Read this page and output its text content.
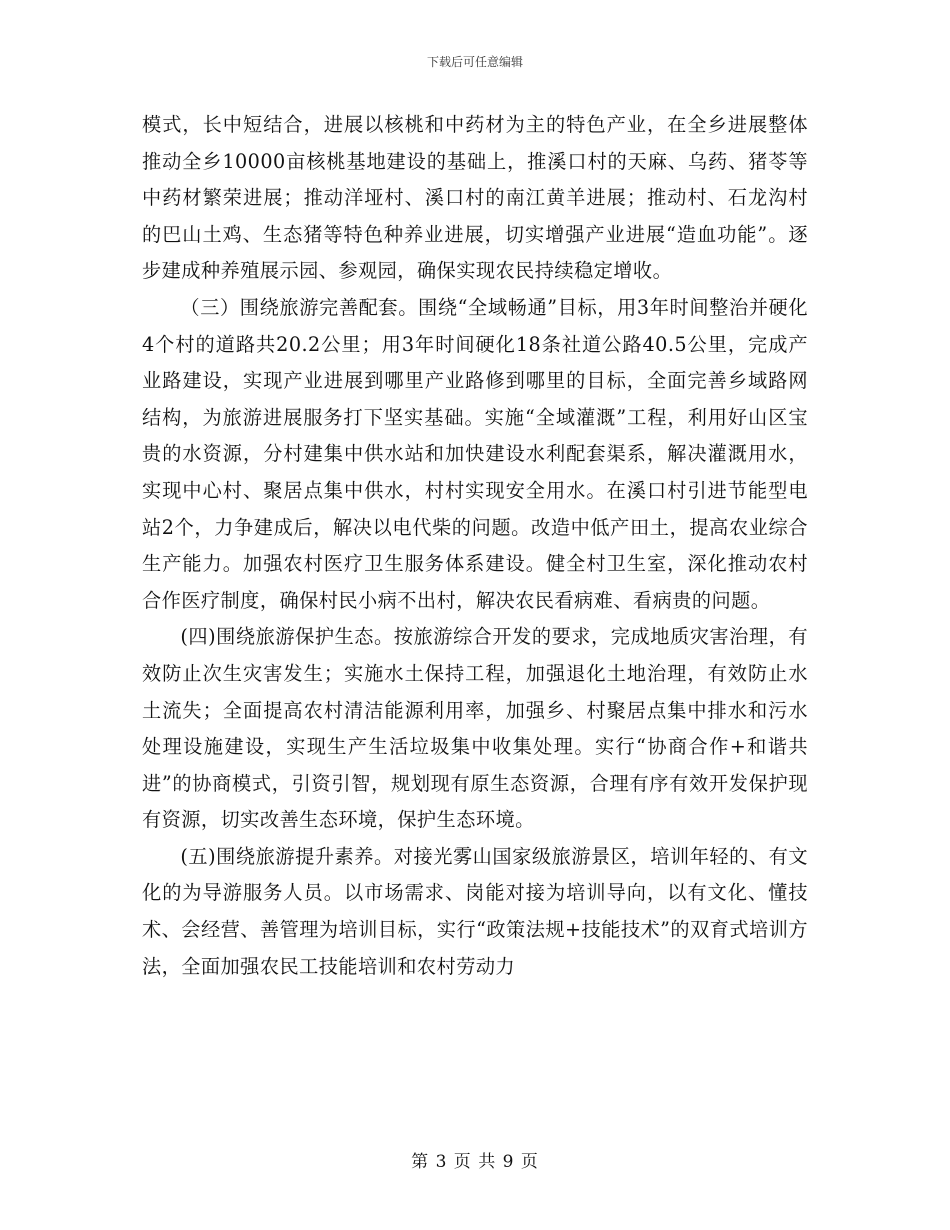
下载后可任意编辑

模式，长中短结合，进展以核桃和中药材为主的特色产业，在全乡进展整体推动全乡10000亩核桃基地建设的基础上，推溪口村的天麻、乌药、猪苓等中药材繁荣进展；推动洋垭村、溪口村的南江黄羊进展；推动村、石龙沟村的巴山土鸡、生态猪等特色种养业进展，切实增强产业进展“造血功能”。逐步建成种养殖展示园、参观园，确保实现农民持续稳定增收。

（三）围绕旅游完善配套。围绕“全域畅通”目标，用3年时间整治并硬化4个村的道路共20.2公里；用3年时间硬化18条社道公路40.5公里，完成产业路建设，实现产业进展到哪里产业路修到哪里的目标，全面完善乡域路网结构，为旅游进展服务打下坚实基础。实施“全域灌溉”工程，利用好山区宝贵的水资源，分村建集中供水站和加快建设水利配套渠系，解决灌溉用水，实现中心村、聚居点集中供水，村村实现安全用水。在溪口村引进节能型电站2个，力争建成后，解决以电代柴的问题。改造中低产田土，提高农业综合生产能力。加强农村医疗卫生服务体系建设。健全村卫生室，深化推动农村合作医疗制度，确保村民小病不出村，解决农民看病难、看病贵的问题。

(四)围绕旅游保护生态。按旅游综合开发的要求，完成地质灾害治理，有效防止次生灾害发生；实施水土保持工程，加强退化土地治理，有效防止水土流失；全面提高农村清洁能源利用率，加强乡、村聚居点集中排水和污水处理设施建设，实现生产生活垃圾集中收集处理。实行“协商合作+和谐共进”的协商模式，引资引智，规划现有原生态资源，合理有序有效开发保护现有资源，切实改善生态环境，保护生态环境。

(五)围绕旅游提升素养。对接光雾山国家级旅游景区，培训年轻的、有文化的为导游服务人员。以市场需求、岗能对接为培训导向，以有文化、懂技术、会经营、善管理为培训目标，实行“政策法规+技能技术”的双育式培训方法，全面加强农民工技能培训和农村劳动力

第 3 页 共 9 页
